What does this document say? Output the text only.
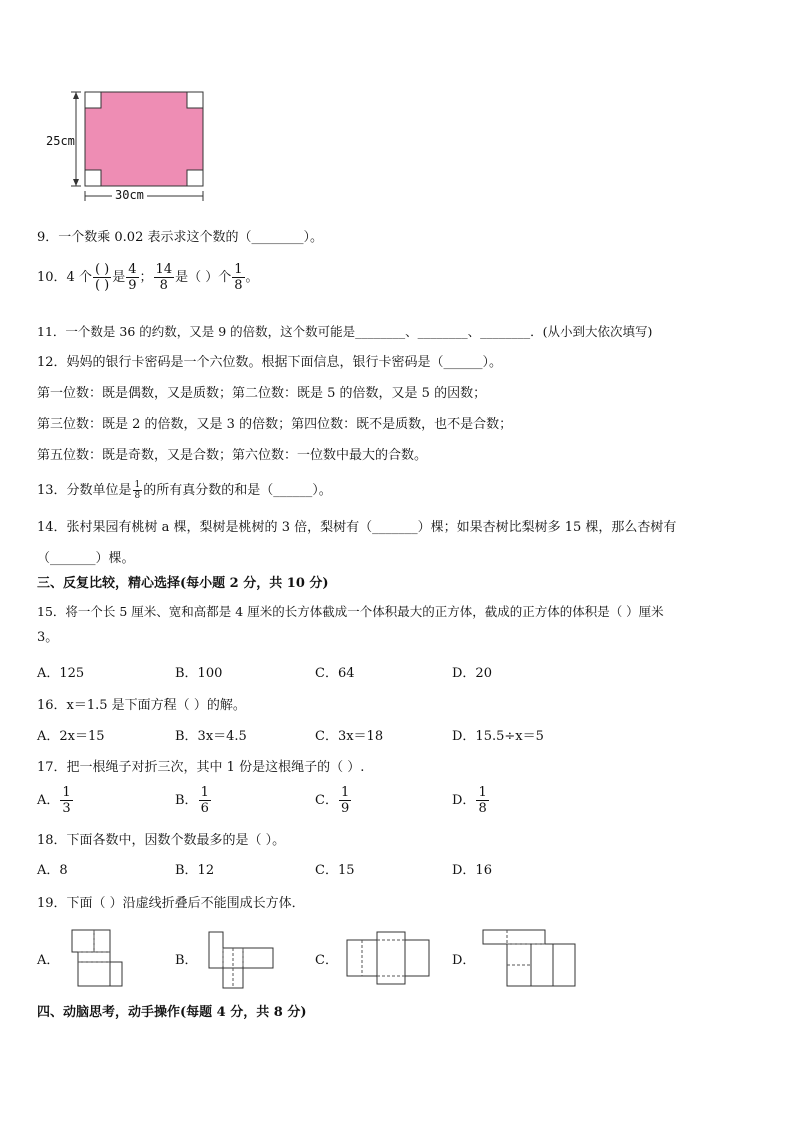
25cm
30cm
9．一个数乘 0.02 表示求这个数的（________）。
10．4 个 $\frac{( )}{( )}$ 是 $\frac{4}{9}$ ； $\frac{14}{8}$ 是（ ）个 $\frac{1}{8}$ 。
11．一个数是 36 的约数，又是 9 的倍数，这个数可能是________、________、________．(从小到大依次填写)
12．妈妈的银行卡密码是一个六位数。根据下面信息，银行卡密码是（______）。
第一位数：既是偶数，又是质数；第二位数：既是 5 的倍数，又是 5 的因数；
第三位数：既是 2 的倍数，又是 3 的倍数；第四位数：既不是质数，也不是合数；
第五位数：既是奇数，又是合数；第六位数：一位数中最大的合数。
13．分数单位是 $\frac{1}{8}$ 的所有真分数的和是（______）。
14．张村果园有桃树 a 棵，梨树是桃树的 3 倍，梨树有（_______）棵；如果杏树比梨树多 15 棵，那么杏树有
（_______）棵。
三、反复比较，精心选择(每小题 2 分，共 10 分)
15．将一个长 5 厘米、宽和高都是 4 厘米的长方体截成一个体积最大的正方体，截成的正方体的体积是（ ）厘米
3。
A．125	B．100	C．64	D．20
16．x＝1.5 是下面方程（ ）的解。
A．2x＝15	B．3x＝4.5	C．3x＝18	D．15.5÷x＝5
17．把一根绳子对折三次，其中 1 份是这根绳子的（ ）.
A． $\frac{1}{3}$	B． $\frac{1}{6}$	C． $\frac{1}{9}$	D． $\frac{1}{8}$
18．下面各数中，因数个数最多的是（ ）。
A．8	B．12	C．15	D．16
19．下面（ ）沿虚线折叠后不能围成长方体．
A．	B．	C．	D．
四、动脑思考，动手操作(每题 4 分，共 8 分)
